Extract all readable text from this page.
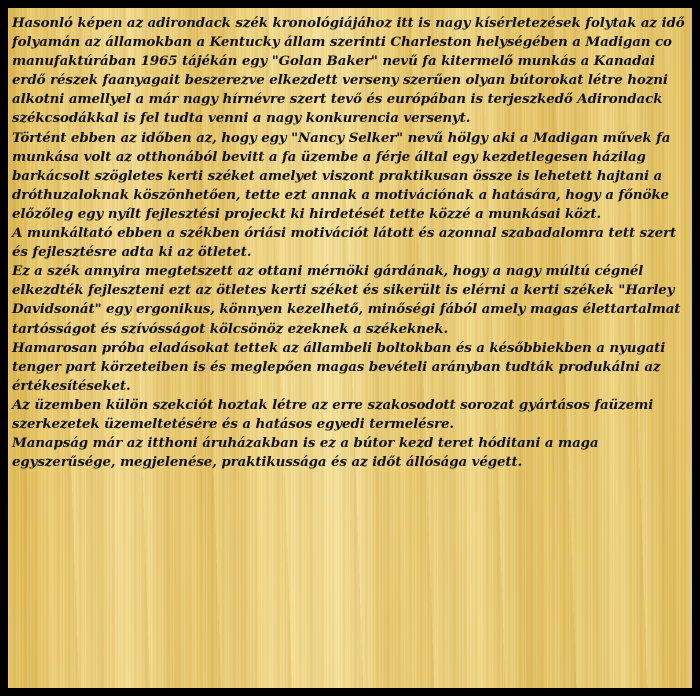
Hasonló képen az adirondack szék kronológiájához itt is nagy kísérletezések folytak az idő folyamán az államokban a Kentucky állam szerinti Charleston helységében a Madigan co manufaktúrában 1965 tájékán egy "Golan Baker" nevű fa kitermelő munkás a Kanadai erdő részek faanyagait beszerezve elkezdett verseny szerűen olyan bútorokat létre hozni alkotni amellyel a már nagy hírnévre szert tevő és európában is terjeszkedő Adirondack székcsodákkal is fel tudta venni a nagy konkurencia versenyt.

Történt ebben az időben az, hogy egy "Nancy Selker" nevű hölgy aki a Madigan művek fa munkása volt az otthonából bevitt a fa üzembe a férje által egy kezdetlegesen házilag barkácsolt szögletes kerti széket amelyet viszont praktikusan össze is lehetett hajtani a dróthuzaloknak köszönhetően, tette ezt annak a motivációnak a hatására, hogy a főnöke előzőleg egy nyílt fejlesztési projeckt ki hirdetését tette közzé a munkásai közt.

A munkáltató ebben a székben óriási motivációt látott és azonnal szabadalomra tett szert és fejlesztésre adta ki az ötletet.

Ez a szék annyira megtetszett az ottani mérnöki gárdának, hogy a nagy múltú cégnél elkezdték fejleszteni ezt az ötletes kerti széket és sikerült is elérni a kerti székek "Harley Davidsonát" egy ergonikus, könnyen kezelhető, minőségi fából amely magas élettartalmat tartósságot és szívósságot kölcsönöz ezeknek a székeknek.

Hamarosan próba eladásokat tettek az állambeli boltokban és a későbbiekben a nyugati tenger part körzeteiben is és meglepően magas bevételi arányban tudták produkálni az értékesítéseket.

Az üzemben külön szekciót hoztak létre az erre szakosodott sorozat gyártásos faüzemi szerkezetek üzemeltetésére és a hatásos egyedi termelésre.

Manapság már az itthoni áruházakban is ez a bútor kezd teret hóditani a maga egyszerűsége, megjelenése, praktikussága és az időt állósága végett.
